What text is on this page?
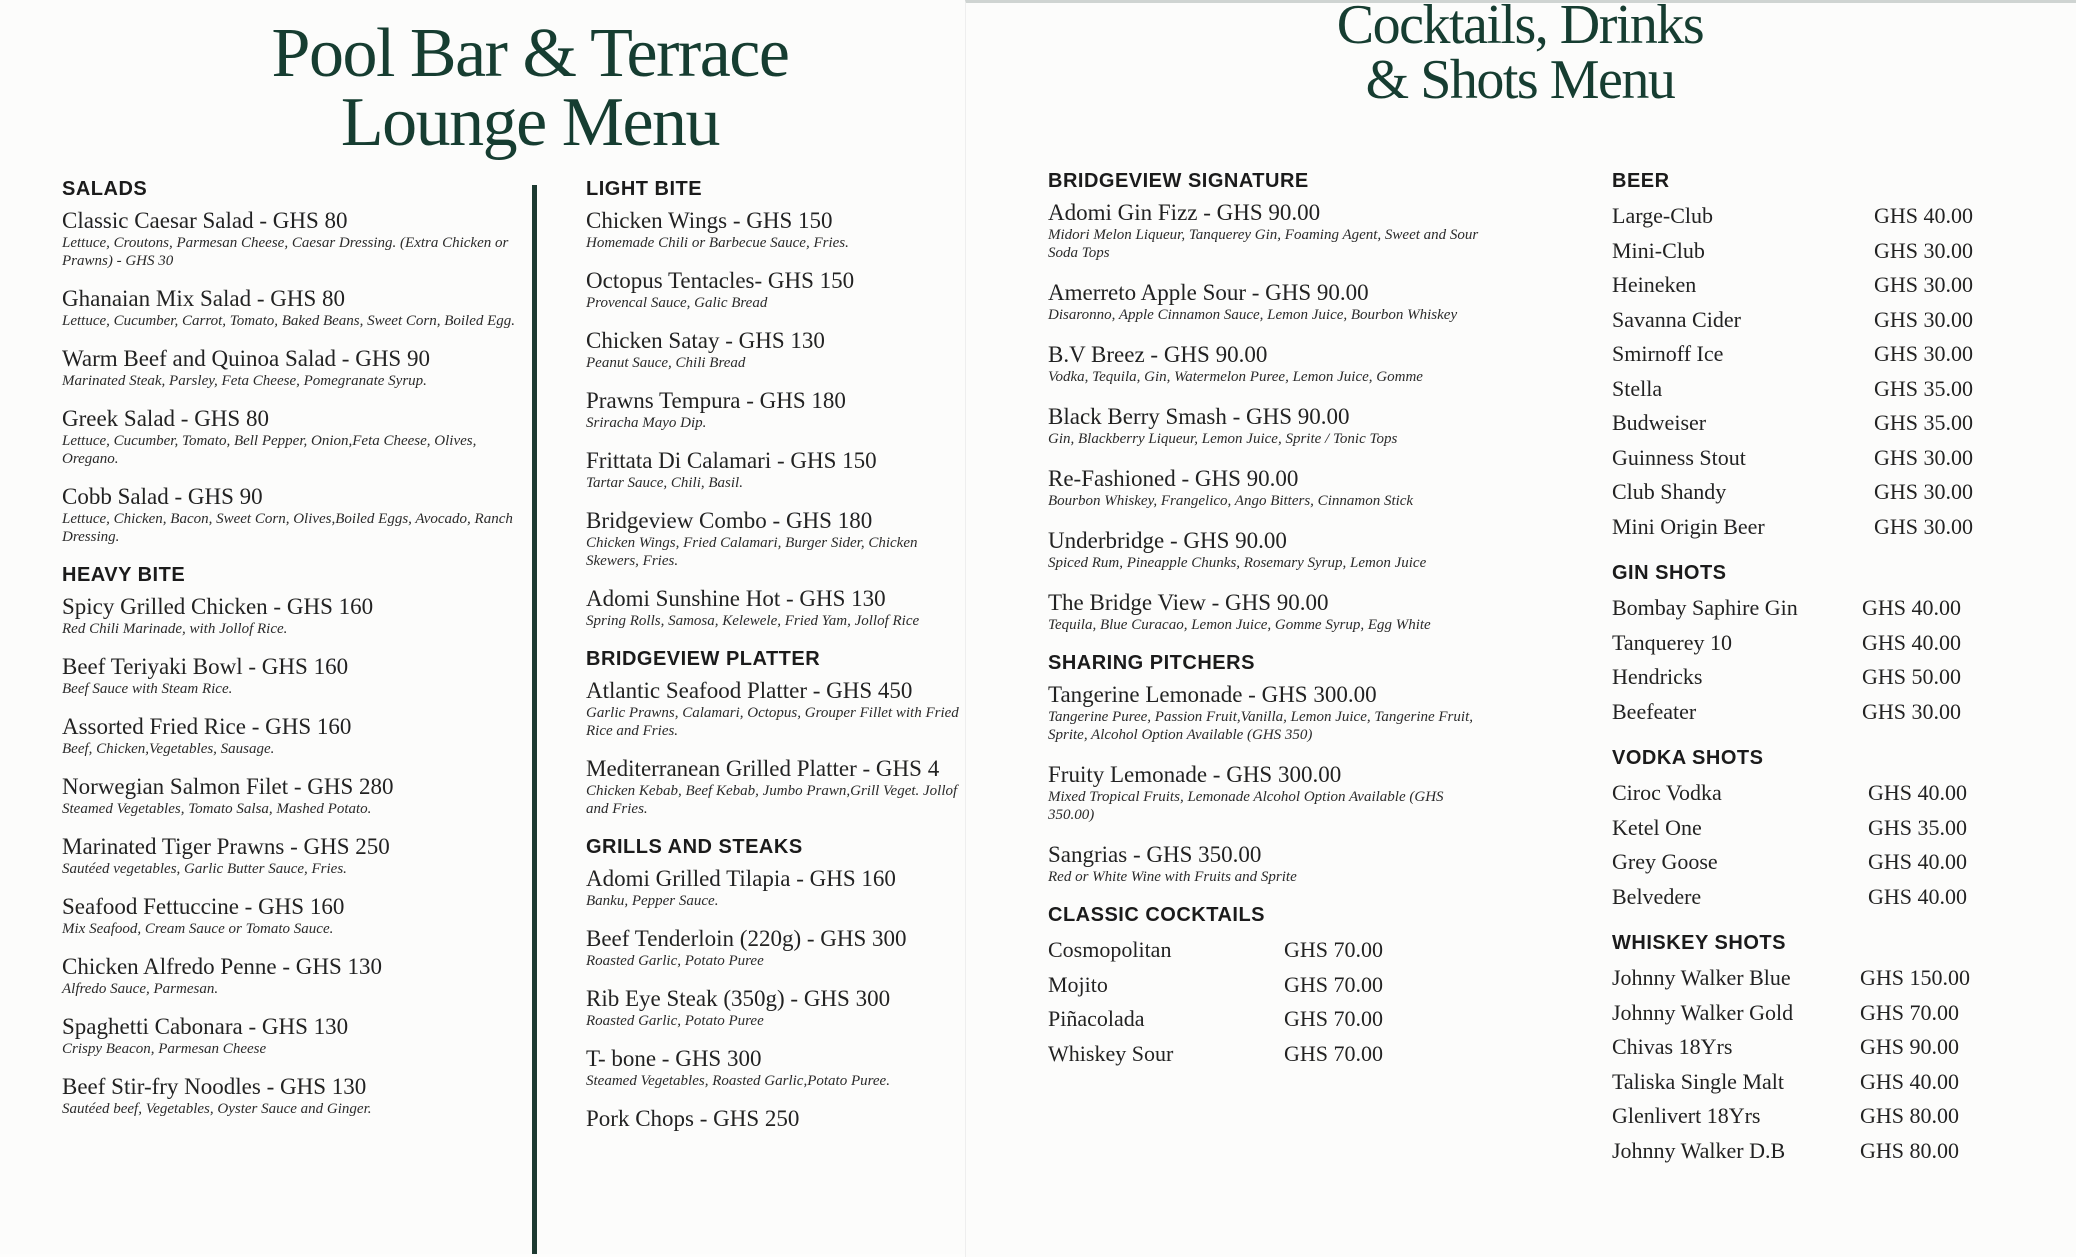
Pool Bar & Terrace
Lounge Menu
Cocktails, Drinks
& Shots Menu
SALADS
Classic Caesar Salad - GHS 80
Lettuce, Croutons, Parmesan Cheese, Caesar Dressing. (Extra Chicken or Prawns) - GHS 30
Ghanaian Mix Salad - GHS 80
Lettuce, Cucumber, Carrot, Tomato, Baked Beans, Sweet Corn, Boiled Egg.
Warm Beef and Quinoa Salad - GHS 90
Marinated Steak, Parsley, Feta Cheese, Pomegranate Syrup.
Greek Salad - GHS 80
Lettuce, Cucumber, Tomato, Bell Pepper, Onion,Feta Cheese, Olives, Oregano.
Cobb Salad - GHS 90
Lettuce, Chicken, Bacon, Sweet Corn, Olives,Boiled Eggs, Avocado, Ranch Dressing.
HEAVY BITE
Spicy Grilled Chicken - GHS 160
Red Chili Marinade, with Jollof Rice.
Beef Teriyaki Bowl - GHS 160
Beef Sauce with Steam Rice.
Assorted Fried Rice - GHS 160
Beef, Chicken,Vegetables, Sausage.
Norwegian Salmon Filet - GHS 280
Steamed Vegetables, Tomato Salsa, Mashed Potato.
Marinated Tiger Prawns - GHS 250
Sautéed vegetables, Garlic Butter Sauce, Fries.
Seafood Fettuccine - GHS 160
Mix Seafood, Cream Sauce or Tomato Sauce.
Chicken Alfredo Penne - GHS 130
Alfredo Sauce, Parmesan.
Spaghetti Cabonara - GHS 130
Crispy Beacon, Parmesan Cheese
Beef Stir-fry Noodles - GHS 130
Sautéed beef, Vegetables, Oyster Sauce and Ginger.
LIGHT BITE
Chicken Wings - GHS 150
Homemade Chili or Barbecue Sauce, Fries.
Octopus Tentacles- GHS 150
Provencal Sauce, Galic Bread
Chicken Satay - GHS 130
Peanut Sauce, Chili Bread
Prawns Tempura - GHS 180
Sriracha Mayo Dip.
Frittata Di Calamari - GHS 150
Tartar Sauce, Chili, Basil.
Bridgeview Combo - GHS 180
Chicken Wings, Fried Calamari, Burger Sider, Chicken Skewers, Fries.
Adomi Sunshine Hot - GHS 130
Spring Rolls, Samosa, Kelewele, Fried Yam, Jollof Rice
BRIDGEVIEW PLATTER
Atlantic Seafood Platter - GHS 450
Garlic Prawns, Calamari, Octopus, Grouper Fillet with Fried Rice and Fries.
Mediterranean Grilled Platter - GHS 4
Chicken Kebab, Beef Kebab, Jumbo Prawn,Grill Veget. Jollof and Fries.
GRILLS AND STEAKS
Adomi Grilled Tilapia - GHS 160
Banku, Pepper Sauce.
Beef Tenderloin (220g) - GHS 300
Roasted Garlic, Potato Puree
Rib Eye Steak (350g) - GHS 300
Roasted Garlic, Potato Puree
T- bone - GHS 300
Steamed Vegetables, Roasted Garlic,Potato Puree.
Pork Chops - GHS 250
BRIDGEVIEW SIGNATURE
Adomi Gin Fizz - GHS 90.00
Midori Melon Liqueur, Tanquerey Gin, Foaming Agent, Sweet and Sour Soda Tops
Amerreto Apple Sour - GHS 90.00
Disaronno, Apple Cinnamon Sauce, Lemon Juice, Bourbon Whiskey
B.V Breez - GHS 90.00
Vodka, Tequila, Gin, Watermelon Puree, Lemon Juice, Gomme
Black Berry Smash - GHS 90.00
Gin, Blackberry Liqueur, Lemon Juice, Sprite / Tonic Tops
Re-Fashioned - GHS 90.00
Bourbon Whiskey, Frangelico, Ango Bitters, Cinnamon Stick
Underbridge - GHS 90.00
Spiced Rum, Pineapple Chunks, Rosemary Syrup, Lemon Juice
The Bridge View - GHS 90.00
Tequila, Blue Curacao, Lemon Juice, Gomme Syrup, Egg White
SHARING PITCHERS
Tangerine Lemonade - GHS 300.00
Tangerine Puree, Passion Fruit,Vanilla, Lemon Juice, Tangerine Fruit, Sprite, Alcohol Option Available (GHS 350)
Fruity Lemonade - GHS 300.00
Mixed Tropical Fruits, Lemonade Alcohol Option Available (GHS 350.00)
Sangrias - GHS 350.00
Red or White Wine with Fruits and Sprite
CLASSIC COCKTAILS
Cosmopolitan	GHS 70.00
Mojito	GHS 70.00
Piñacolada	GHS 70.00
Whiskey Sour	GHS 70.00
BEER
Large-Club	GHS 40.00
Mini-Club	GHS 30.00
Heineken	GHS 30.00
Savanna Cider	GHS 30.00
Smirnoff Ice	GHS 30.00
Stella	GHS 35.00
Budweiser	GHS 35.00
Guinness Stout	GHS 30.00
Club Shandy	GHS 30.00
Mini Origin Beer	GHS 30.00
GIN SHOTS
Bombay Saphire Gin	GHS 40.00
Tanquerey 10	GHS 40.00
Hendricks	GHS 50.00
Beefeater	GHS 30.00
VODKA SHOTS
Ciroc Vodka	GHS 40.00
Ketel One	GHS 35.00
Grey Goose	GHS 40.00
Belvedere	GHS 40.00
WHISKEY SHOTS
Johnny Walker Blue	GHS 150.00
Johnny Walker Gold	GHS 70.00
Chivas 18Yrs	GHS 90.00
Taliska Single Malt	GHS 40.00
Glenlivert 18Yrs	GHS 80.00
Johnny Walker D.B	GHS 80.00
